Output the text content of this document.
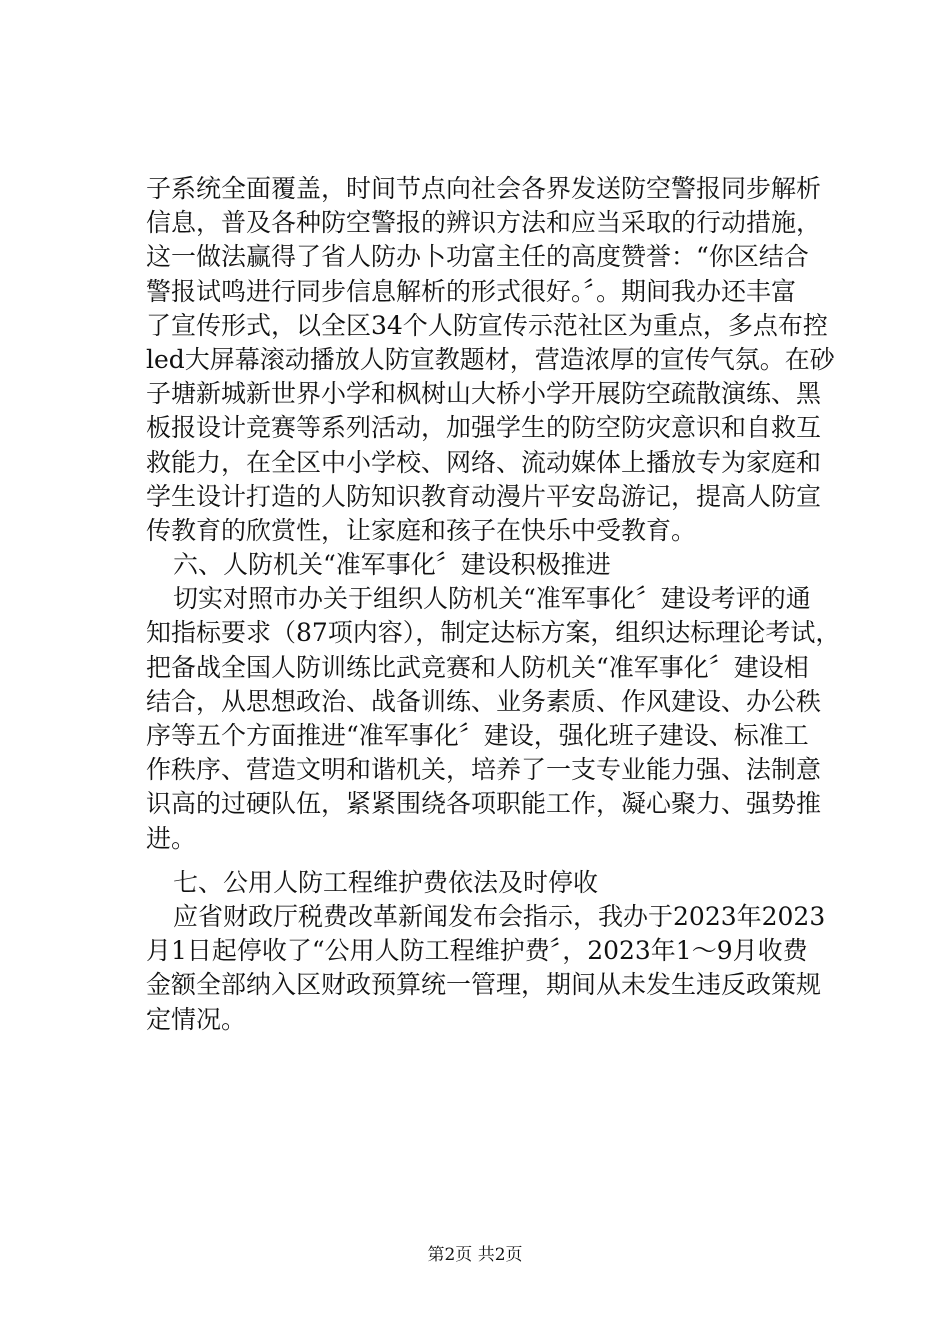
子系统全面覆盖，时间节点向社会各界发送防空警报同步解析
信息，普及各种防空警报的辨识方法和应当采取的行动措施，
这一做法赢得了省人防办卜功富主任的高度赞誉：“你区结合
警报试鸣进行同步信息解析的形式很好。〞。期间我办还丰富
了宣传形式，以全区34个人防宣传示范社区为重点，多点布控
led大屏幕滚动播放人防宣教题材，营造浓厚的宣传气氛。在砂
子塘新城新世界小学和枫树山大桥小学开展防空疏散演练、黑
板报设计竞赛等系列活动，加强学生的防空防灾意识和自救互
救能力，在全区中小学校、网络、流动媒体上播放专为家庭和
学生设计打造的人防知识教育动漫片平安岛游记，提高人防宣
传教育的欣赏性，让家庭和孩子在快乐中受教育。
六、人防机关“准军事化〞建设积极推进
切实对照市办关于组织人防机关“准军事化〞建设考评的通
知指标要求（87项内容），制定达标方案，组织达标理论考试，
把备战全国人防训练比武竞赛和人防机关“准军事化〞建设相
结合，从思想政治、战备训练、业务素质、作风建设、办公秩
序等五个方面推进“准军事化〞建设，强化班子建设、标准工
作秩序、营造文明和谐机关，培养了一支专业能力强、法制意
识高的过硬队伍，紧紧围绕各项职能工作，凝心聚力、强势推
进。
七、公用人防工程维护费依法及时停收
应省财政厅税费改革新闻发布会指示，我办于2023年2023
月1日起停收了“公用人防工程维护费〞，2023年1～9月收费
金额全部纳入区财政预算统一管理，期间从未发生违反政策规
定情况。
第2页 共2页
